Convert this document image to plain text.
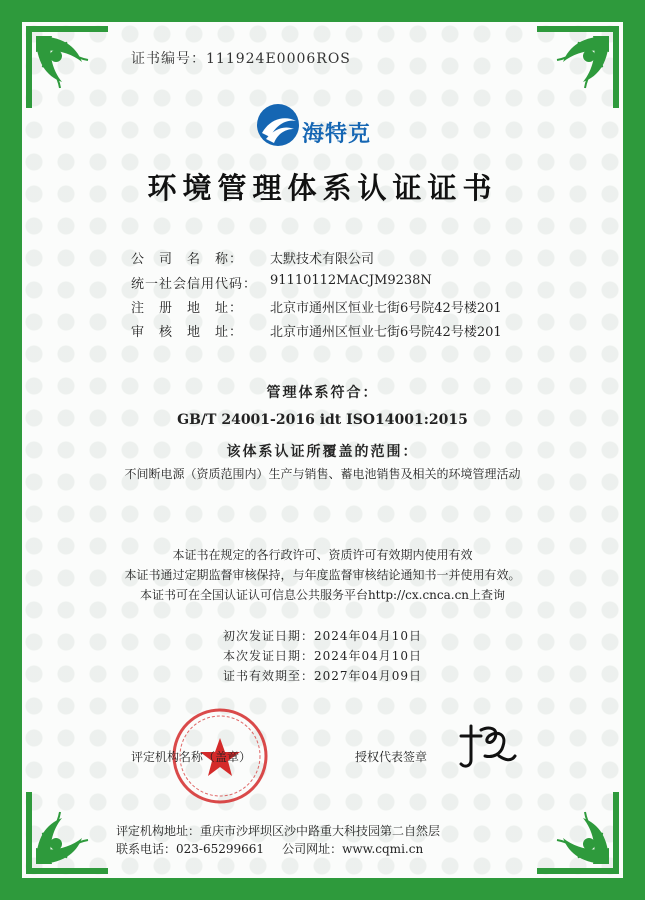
证书编号：111924E0006ROS
海特克
环境管理体系认证证书
公　司　名　称： 太默技术有限公司
统一社会信用代码： 91110112MACJM9238N
注　册　地　址： 北京市通州区恒业七街6号院42号楼201
审　核　地　址： 北京市通州区恒业七街6号院42号楼201
管理体系符合：
GB/T 24001-2016 idt ISO14001:2015
该体系认证所覆盖的范围：
不间断电源（资质范围内）生产与销售、蓄电池销售及相关的环境管理活动
本证书在规定的各行政许可、资质许可有效期内使用有效
本证书通过定期监督审核保持，与年度监督审核结论通知书一并使用有效。
本证书可在全国认证认可信息公共服务平台http://cx.cnca.cn上查询
初次发证日期：2024年04月10日
本次发证日期：2024年04月10日
证书有效期至：2027年04月09日
评定机构名称（盖章）	授权代表签章
评定机构地址：重庆市沙坪坝区沙中路重大科技园第二自然层
联系电话：023-65299661 公司网址：www.cqmi.cn
